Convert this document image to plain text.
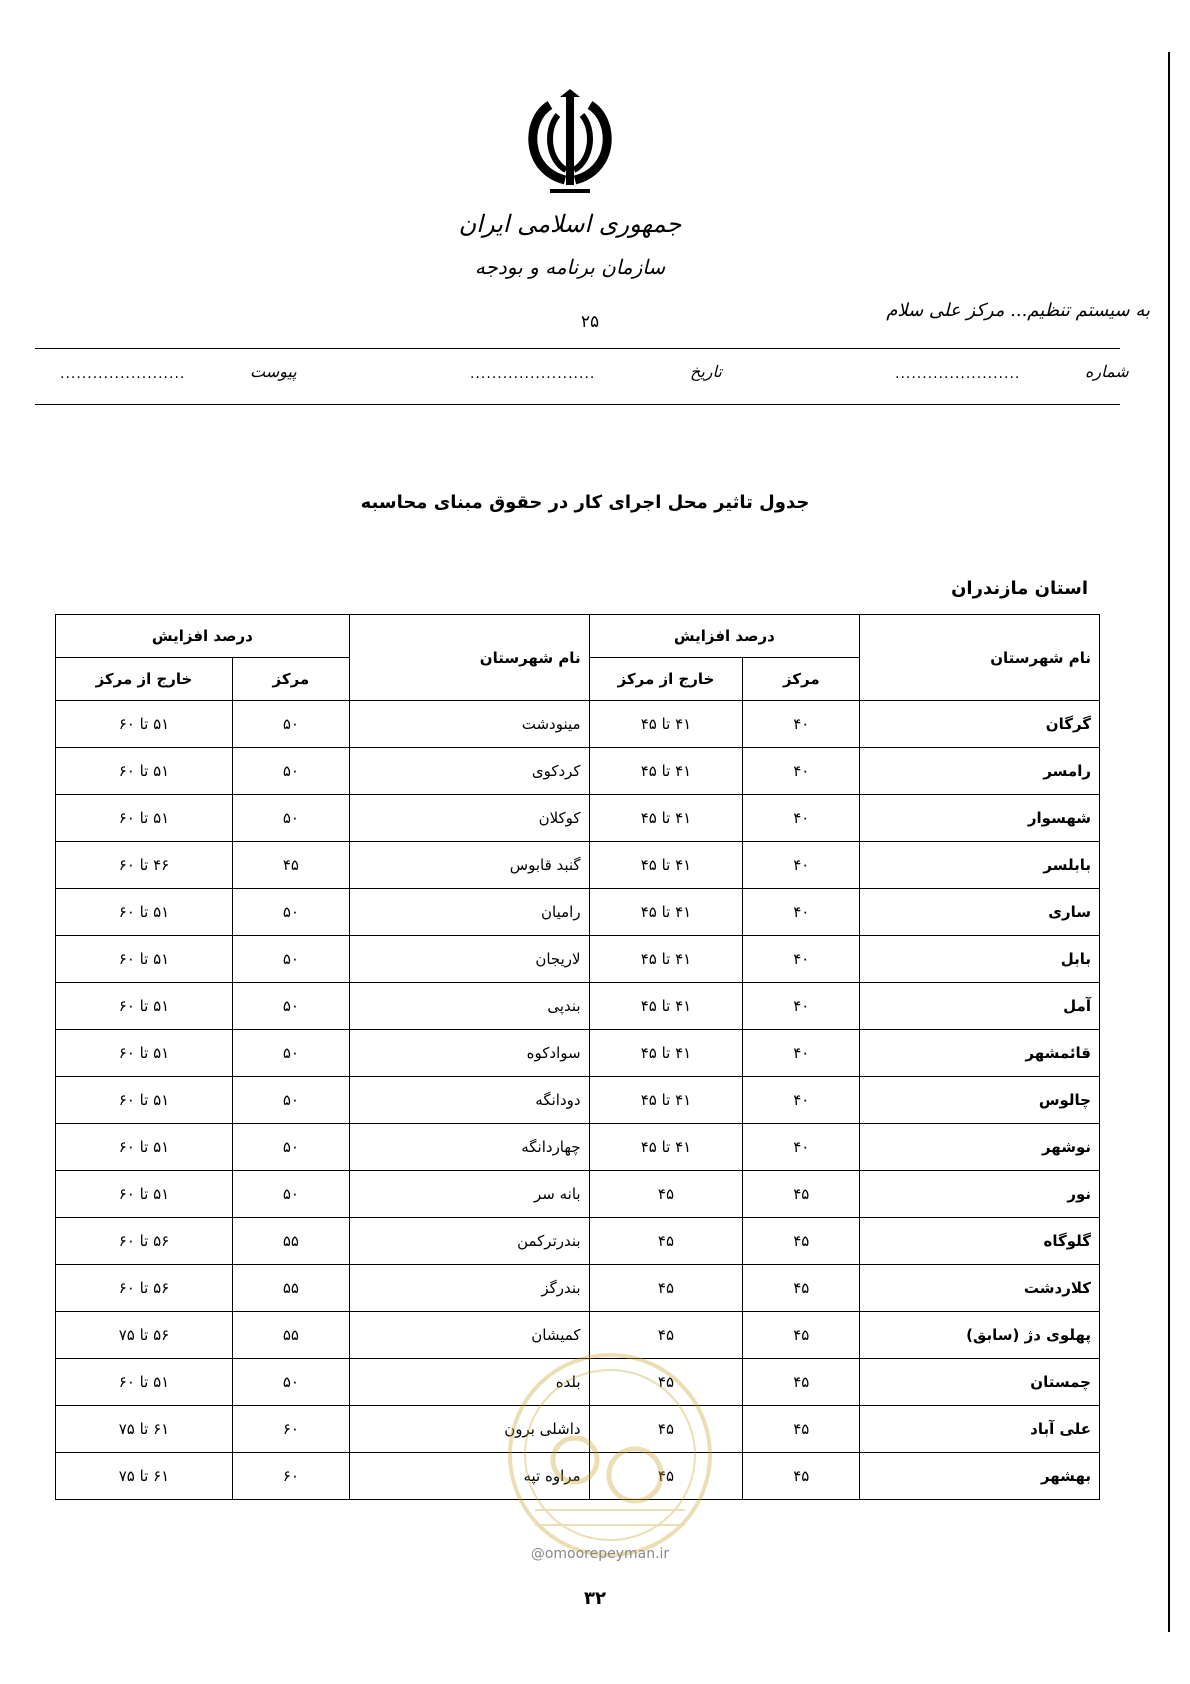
جمهوری اسلامی ایران
سازمان برنامه و بودجه
۲۵
به سیستم تنظیم... مرکز علی سلام
شماره
.......................
تاریخ
.......................
پیوست
.......................
جدول تاثیر محل اجرای کار در حقوق مبنای محاسبه
استان مازندران
نام شهرستان	درصد افزایش		نام شهرستان	درصد افزایش	
	مرکز	خارج از مرکز		مرکز	خارج از مرکز
گرگان	۴۰	۴۱ تا ۴۵	مینودشت	۵۰	۵۱ تا ۶۰
رامسر	۴۰	۴۱ تا ۴۵	کردکوی	۵۰	۵۱ تا ۶۰
شهسوار	۴۰	۴۱ تا ۴۵	کوکلان	۵۰	۵۱ تا ۶۰
بابلسر	۴۰	۴۱ تا ۴۵	گنبد قابوس	۴۵	۴۶ تا ۶۰
ساری	۴۰	۴۱ تا ۴۵	رامیان	۵۰	۵۱ تا ۶۰
بابل	۴۰	۴۱ تا ۴۵	لاریجان	۵۰	۵۱ تا ۶۰
آمل	۴۰	۴۱ تا ۴۵	بندپی	۵۰	۵۱ تا ۶۰
قائمشهر	۴۰	۴۱ تا ۴۵	سوادکوه	۵۰	۵۱ تا ۶۰
چالوس	۴۰	۴۱ تا ۴۵	دودانگه	۵۰	۵۱ تا ۶۰
نوشهر	۴۰	۴۱ تا ۴۵	چهاردانگه	۵۰	۵۱ تا ۶۰
نور	۴۵	۴۵	بانه سر	۵۰	۵۱ تا ۶۰
گلوگاه	۴۵	۴۵	بندرترکمن	۵۵	۵۶ تا ۶۰
کلاردشت	۴۵	۴۵	بندرگز	۵۵	۵۶ تا ۶۰
پهلوی دژ (سابق)	۴۵	۴۵	کمیشان	۵۵	۵۶ تا ۷۵
چمستان	۴۵	۴۵	بلده	۵۰	۵۱ تا ۶۰
علی آباد	۴۵	۴۵	داشلی برون	۶۰	۶۱ تا ۷۵
بهشهر	۴۵	۴۵	مراوه تپه	۶۰	۶۱ تا ۷۵
@omoorepeyman.ir
۳۲
